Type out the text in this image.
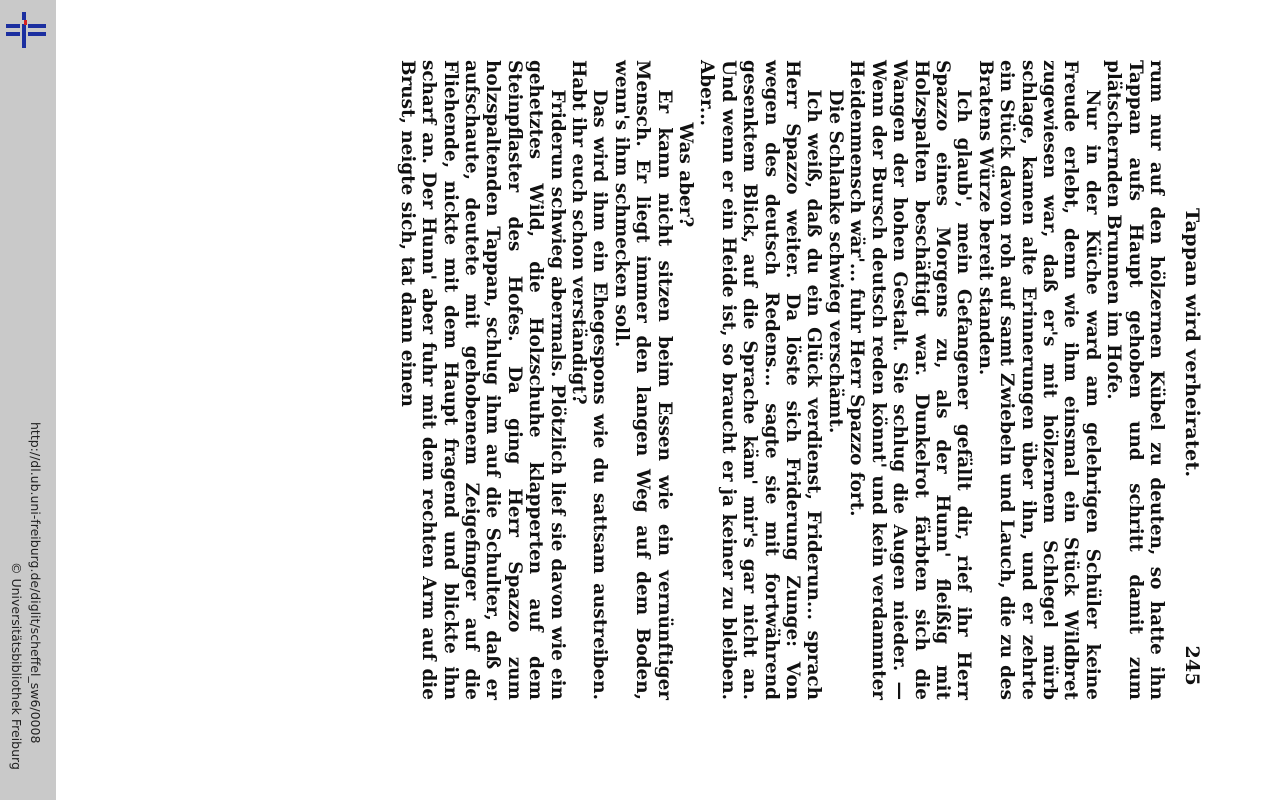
http://dl.ub.uni-freiburg.de/diglit/scheffel_sw6/0008
© Universitätsbibliothek Freiburg
Tappan wird verheiratet.
245

rum nur auf den hölzernen Kübel zu deuten, so hatte ihn Tappan aufs Haupt gehoben und schritt damit zum plätschernden Brunnen im Hofe.

Nur in der Küche ward am gelehrigen Schüler keine Freude erlebt, denn wie ihm einsmal ein Stück Wildbret zugewiesen war, daß er's mit hölzernem Schlegel mürb schlage, kamen alte Erinnerungen über ihn, und er zehrte ein Stück davon roh auf samt Zwiebeln und Lauch, die zu des Bratens Würze bereit standen.

Ich glaub', mein Gefangener gefällt dir, rief ihr Herr Spazzo eines Morgens zu, als der Hunn' fleißig mit Holzspalten beschäftigt war. Dunkelrot färbten sich die Wangen der hohen Gestalt. Sie schlug die Augen nieder. — Wenn der Bursch deutsch reden könnt' und kein verdammter Heidenmensch wär'... fuhr Herr Spazzo fort.

Die Schlanke schwieg verschämt.

Ich weiß, daß du ein Glück verdienst, Friderun... sprach Herr Spazzo weiter. Da löste sich Friderung Zunge: Von wegen des deutsch Redens... sagte sie mit fortwährend gesenktem Blick, auf die Sprache käm' mir's gar nicht an. Und wenn er ein Heide ist, so braucht er ja keiner zu bleiben. Aber...

Was aber?

Er kann nicht sitzen beim Essen wie ein vernünftiger Mensch. Er liegt immer den langen Weg auf dem Boden, wenn's ihm schmecken soll.

Das wird ihm ein Ehegespons wie du sattsam austreiben. Habt ihr euch schon verständigt?

Friderun schwieg abermals. Plötzlich lief sie davon wie ein gehetztes Wild, die Holzschuhe klapperten auf dem Steinpflaster des Hofes. Da ging Herr Spazzo zum holzspaltenden Tappan, schlug ihm auf die Schulter, daß er aufschaute, deutete mit gehobenem Zeigefinger auf die Fliehende, nickte mit dem Haupt fragend und blickte ihn scharf an. Der Hunn' aber fuhr mit dem rechten Arm auf die Brust, neigte sich, tat dann einen
